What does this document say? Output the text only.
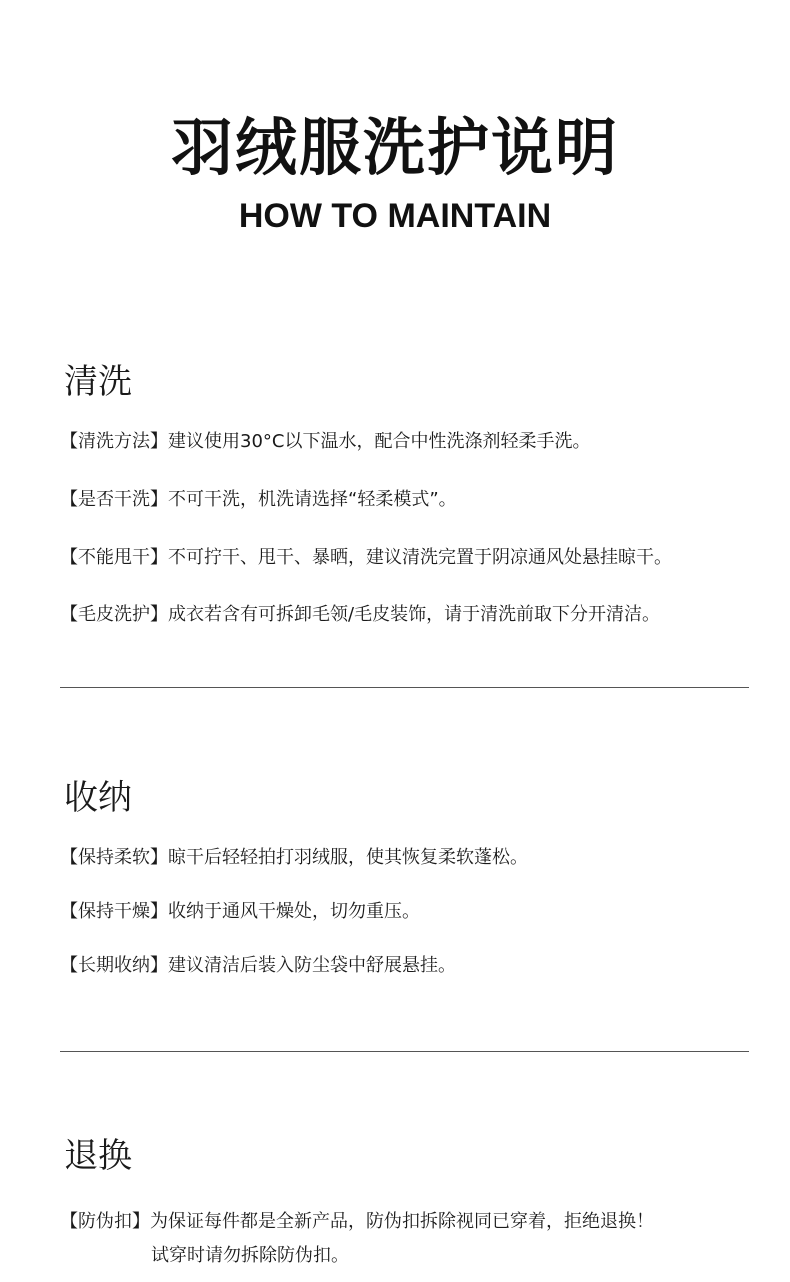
羽绒服洗护说明
HOW TO MAINTAIN
清洗
【清洗方法】建议使用30°C以下温水，配合中性洗涤剂轻柔手洗。
【是否干洗】不可干洗，机洗请选择“轻柔模式”。
【不能甩干】不可拧干、甩干、暴晒，建议清洗完置于阴凉通风处悬挂晾干。
【毛皮洗护】成衣若含有可拆卸毛领/毛皮装饰，请于清洗前取下分开清洁。
收纳
【保持柔软】晾干后轻轻拍打羽绒服，使其恢复柔软蓬松。
【保持干燥】收纳于通风干燥处，切勿重压。
【长期收纳】建议清洁后装入防尘袋中舒展悬挂。
退换
【防伪扣】为保证每件都是全新产品，防伪扣拆除视同已穿着，拒绝退换！
试穿时请勿拆除防伪扣。
